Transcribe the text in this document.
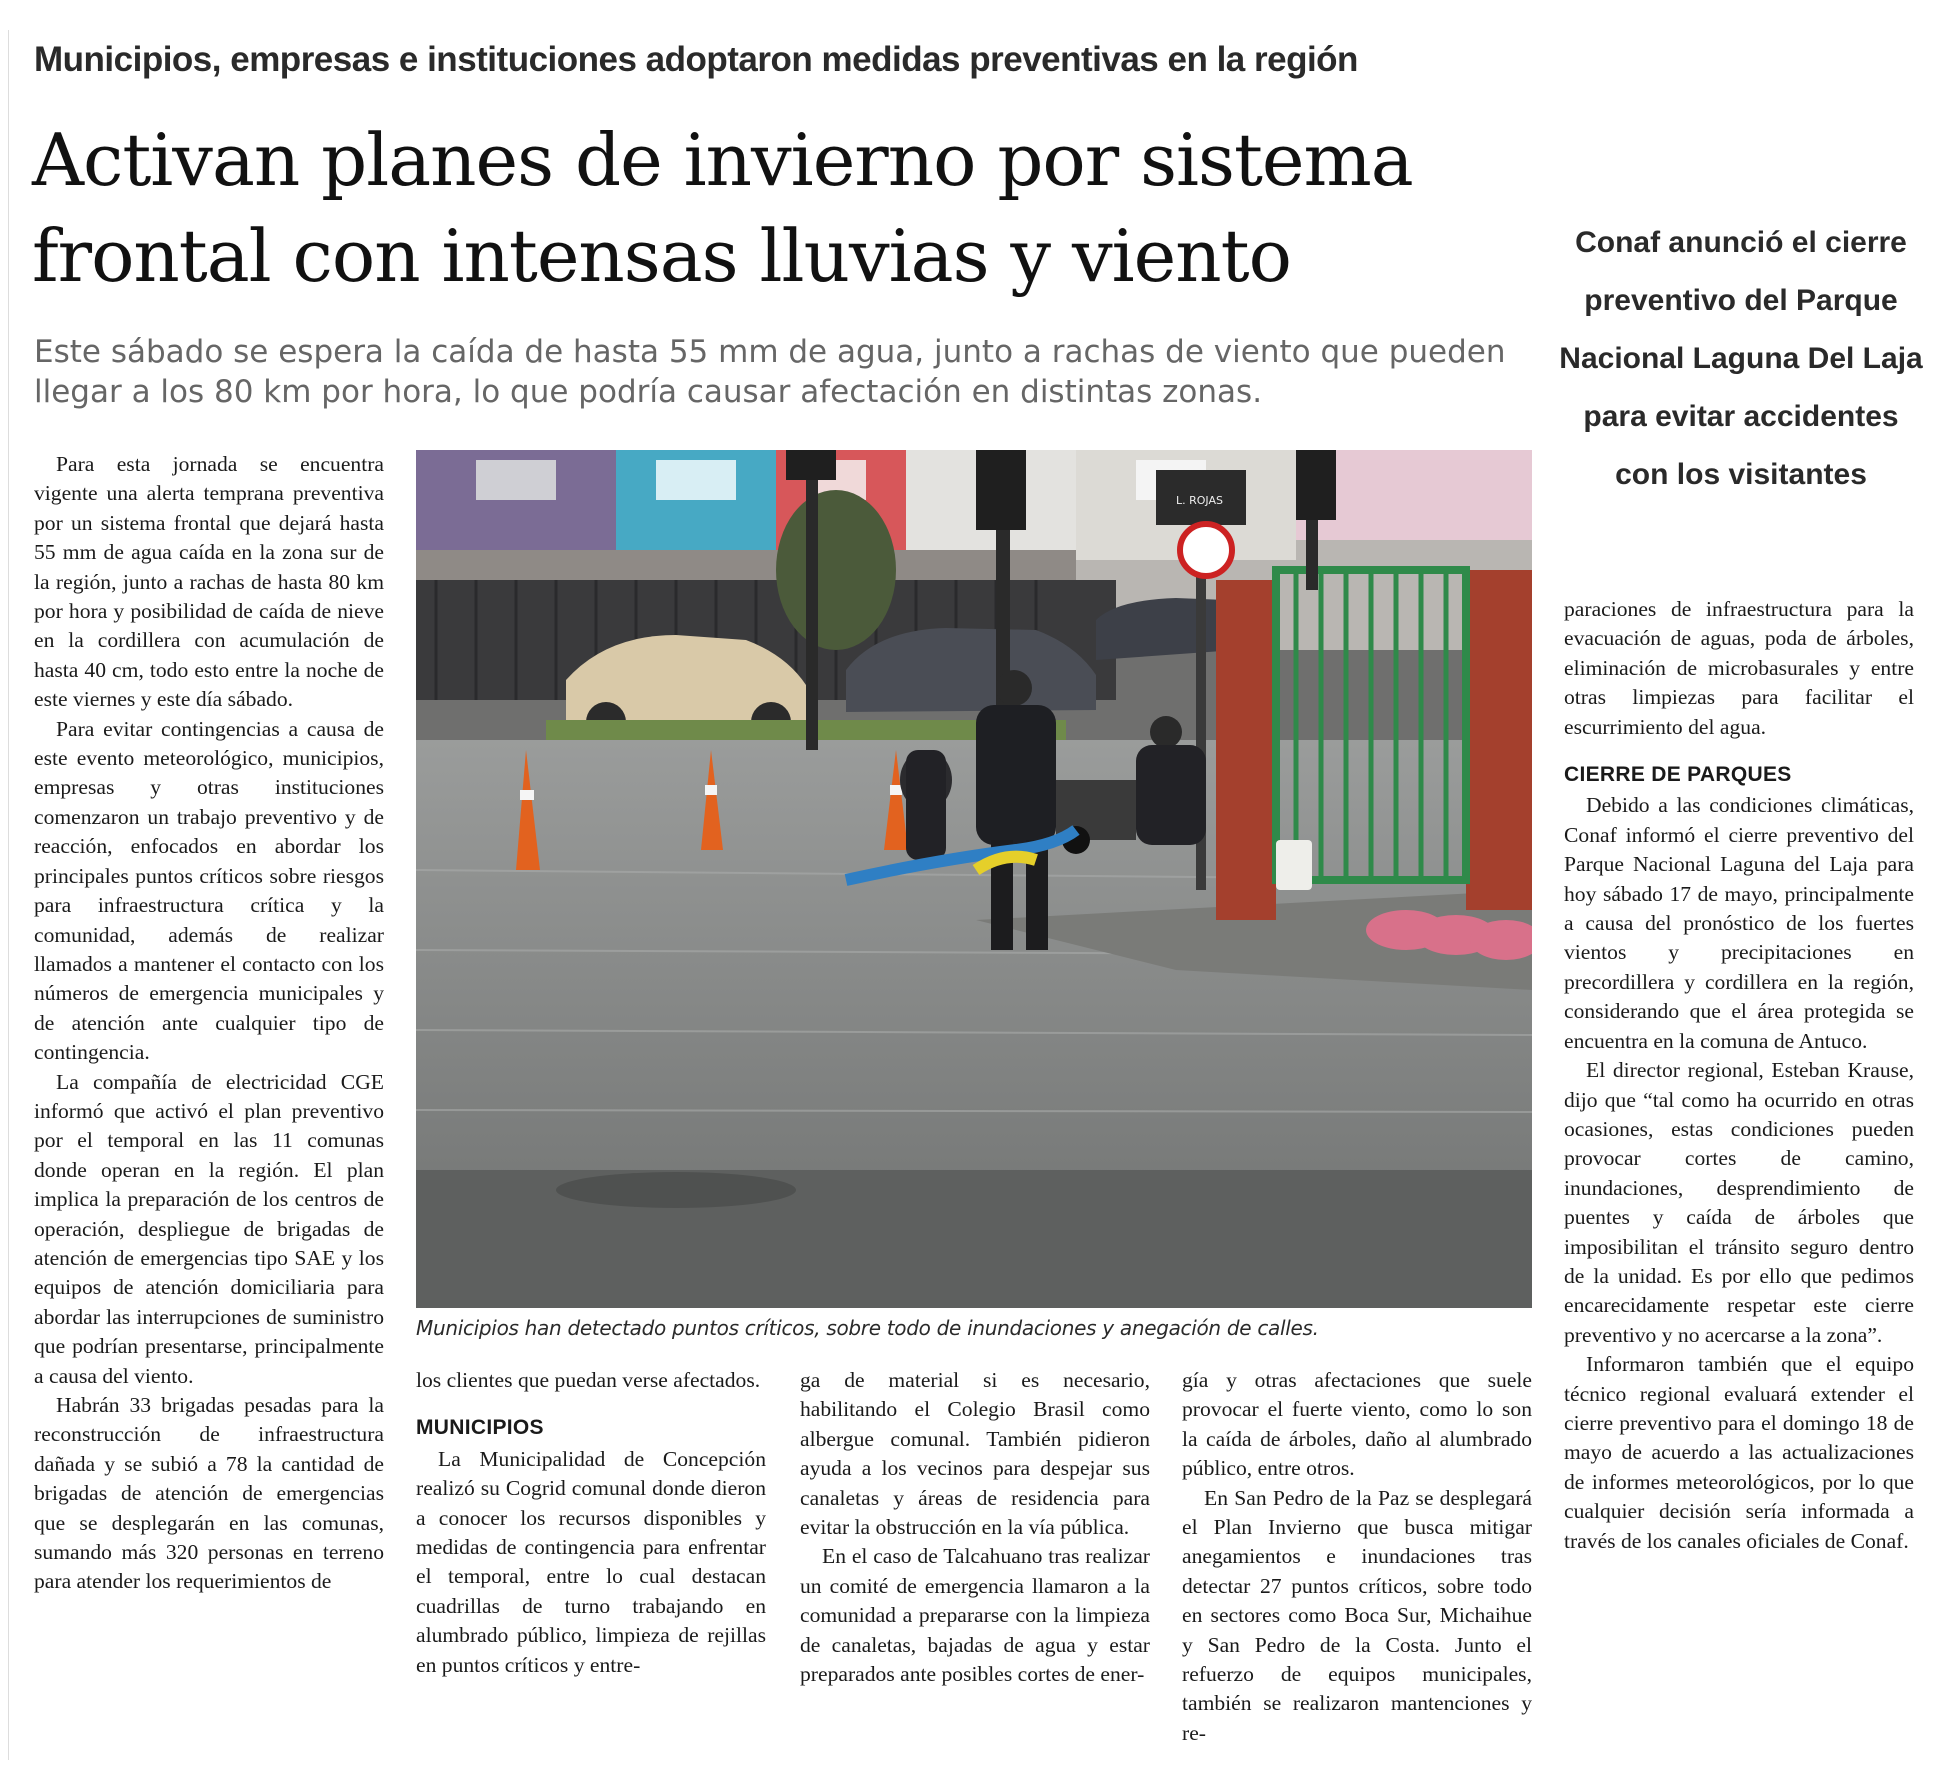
Municipios, empresas e instituciones adoptaron medidas preventivas en la región
Activan planes de invierno por sistema frontal con intensas lluvias y viento

Este sábado se espera la caída de hasta 55 mm de agua, junto a rachas de viento que pueden llegar a los 80 km por hora, lo que podría causar afectación en distintas zonas.

Conaf anunció el cierre preventivo del Parque Nacional Laguna Del Laja para evitar accidentes con los visitantes

Para esta jornada se encuentra vigente una alerta temprana preventiva por un sistema frontal que dejará hasta 55 mm de agua caída en la zona sur de la región, junto a rachas de hasta 80 km por hora y posibilidad de caída de nieve en la cordillera con acumulación de hasta 40 cm, todo esto entre la noche de este viernes y este día sábado.

Para evitar contingencias a causa de este evento meteorológico, municipios, empresas y otras instituciones comenzaron un trabajo preventivo y de reacción, enfocados en abordar los principales puntos críticos sobre riesgos para infraestructura crítica y la comunidad, además de realizar llamados a mantener el contacto con los números de emergencia municipales y de atención ante cualquier tipo de contingencia.

La compañía de electricidad CGE informó que activó el plan preventivo por el temporal en las 11 comunas donde operan en la región. El plan implica la preparación de los centros de operación, despliegue de brigadas de atención de emergencias tipo SAE y los equipos de atención domiciliaria para abordar las interrupciones de suministro que podrían presentarse, principalmente a causa del viento.

Habrán 33 brigadas pesadas para la reconstrucción de infraestructura dañada y se subió a 78 la cantidad de brigadas de atención de emergencias que se desplegarán en las comunas, sumando más 320 personas en terreno para atender los requerimientos de

L. ROJAS
Municipios han detectado puntos críticos, sobre todo de inundaciones y anegación de calles.

los clientes que puedan verse afectados.

MUNICIPIOS

La Municipalidad de Concepción realizó su Cogrid comunal donde dieron a conocer los recursos disponibles y medidas de contingencia para enfrentar el temporal, entre lo cual destacan cuadrillas de turno trabajando en alumbrado público, limpieza de rejillas en puntos críticos y entre-

ga de material si es necesario, habilitando el Colegio Brasil como albergue comunal. También pidieron ayuda a los vecinos para despejar sus canaletas y áreas de residencia para evitar la obstrucción en la vía pública.

En el caso de Talcahuano tras realizar un comité de emergencia llamaron a la comunidad a prepararse con la limpieza de canaletas, bajadas de agua y estar preparados ante posibles cortes de ener-

gía y otras afectaciones que suele provocar el fuerte viento, como lo son la caída de árboles, daño al alumbrado público, entre otros.

En San Pedro de la Paz se desplegará el Plan Invierno que busca mitigar anegamientos e inundaciones tras detectar 27 puntos críticos, sobre todo en sectores como Boca Sur, Michaihue y San Pedro de la Costa. Junto el refuerzo de equipos municipales, también se realizaron mantenciones y re-

paraciones de infraestructura para la evacuación de aguas, poda de árboles, eliminación de microbasurales y entre otras limpiezas para facilitar el escurrimiento del agua.

CIERRE DE PARQUES

Debido a las condiciones climáticas, Conaf informó el cierre preventivo del Parque Nacional Laguna del Laja para hoy sábado 17 de mayo, principalmente a causa del pronóstico de los fuertes vientos y precipitaciones en precordillera y cordillera en la región, considerando que el área protegida se encuentra en la comuna de Antuco.

El director regional, Esteban Krause, dijo que “tal como ha ocurrido en otras ocasiones, estas condiciones pueden provocar cortes de camino, inundaciones, desprendimiento de puentes y caída de árboles que imposibilitan el tránsito seguro dentro de la unidad. Es por ello que pedimos encarecidamente respetar este cierre preventivo y no acercarse a la zona”.

Informaron también que el equipo técnico regional evaluará extender el cierre preventivo para el domingo 18 de mayo de acuerdo a las actualizaciones de informes meteorológicos, por lo que cualquier decisión sería informada a través de los canales oficiales de Conaf.
